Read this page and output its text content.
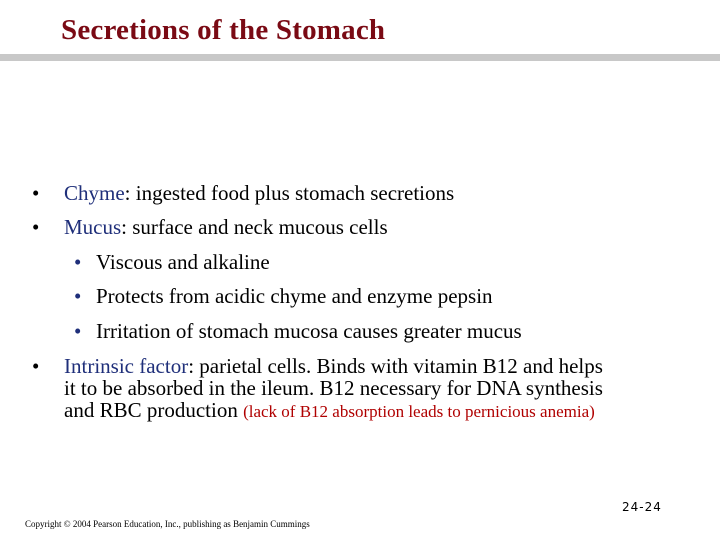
Secretions of the Stomach
• Chyme: ingested food plus stomach secretions
• Mucus: surface and neck mucous cells
• Viscous and alkaline
• Protects from acidic chyme and enzyme pepsin
• Irritation of stomach mucosa causes greater mucus
• Intrinsic factor: parietal cells. Binds with vitamin B12 and helps
it to be absorbed in the ileum. B12 necessary for DNA synthesis
and RBC production (lack of B12 absorption leads to pernicious anemia)
24-24
Copyright © 2004 Pearson Education, Inc., publishing as Benjamin Cummings
